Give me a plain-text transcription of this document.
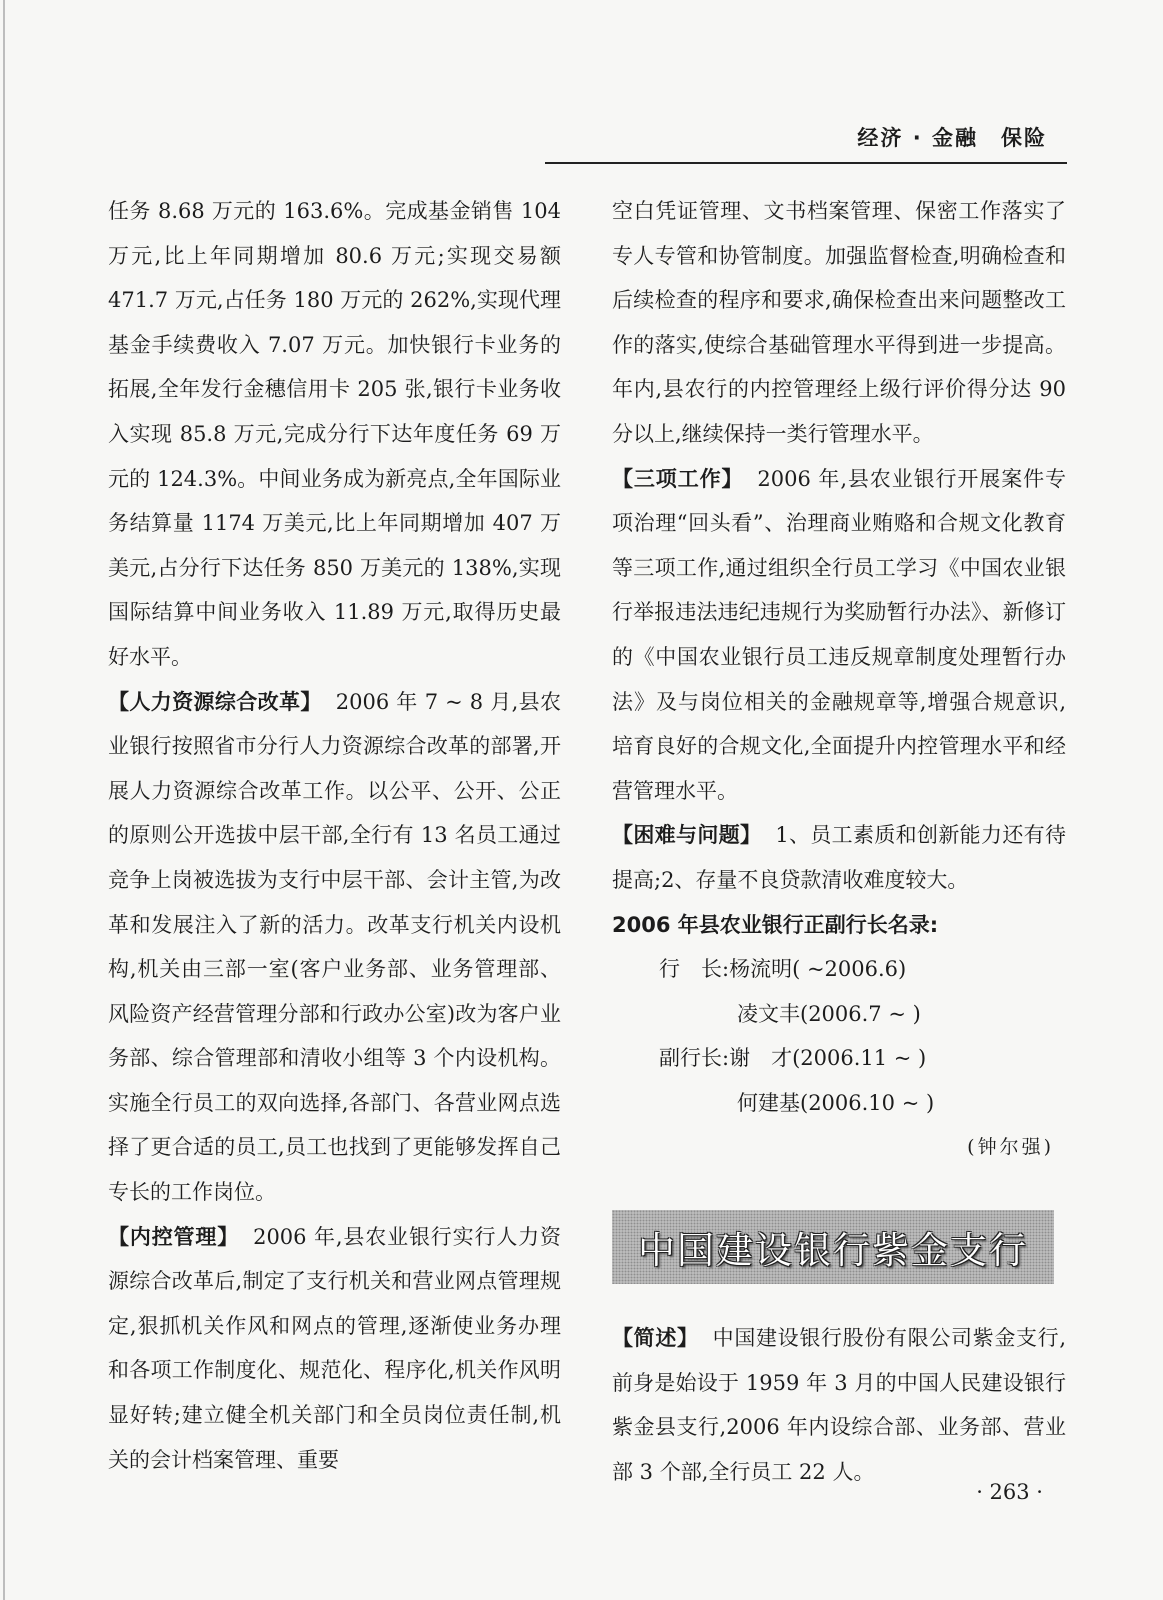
经济 · 金融　保险

任务 8.68 万元的 163.6%。完成基金销售 104 万元,比上年同期增加 80.6 万元;实现交易额 471.7 万元,占任务 180 万元的 262%,实现代理基金手续费收入 7.07 万元。加快银行卡业务的拓展,全年发行金穗信用卡 205 张,银行卡业务收入实现 85.8 万元,完成分行下达年度任务 69 万元的 124.3%。中间业务成为新亮点,全年国际业务结算量 1174 万美元,比上年同期增加 407 万美元,占分行下达任务 850 万美元的 138%,实现国际结算中间业务收入 11.89 万元,取得历史最好水平。

【人力资源综合改革】 2006 年 7 ~ 8 月,县农业银行按照省市分行人力资源综合改革的部署,开展人力资源综合改革工作。以公平、公开、公正的原则公开选拔中层干部,全行有 13 名员工通过竞争上岗被选拔为支行中层干部、会计主管,为改革和发展注入了新的活力。改革支行机关内设机构,机关由三部一室(客户业务部、业务管理部、风险资产经营管理分部和行政办公室)改为客户业务部、综合管理部和清收小组等 3 个内设机构。实施全行员工的双向选择,各部门、各营业网点选择了更合适的员工,员工也找到了更能够发挥自己专长的工作岗位。

【内控管理】 2006 年,县农业银行实行人力资源综合改革后,制定了支行机关和营业网点管理规定,狠抓机关作风和网点的管理,逐渐使业务办理和各项工作制度化、规范化、程序化,机关作风明显好转;建立健全机关部门和全员岗位责任制,机关的会计档案管理、重要

空白凭证管理、文书档案管理、保密工作落实了专人专管和协管制度。加强监督检查,明确检查和后续检查的程序和要求,确保检查出来问题整改工作的落实,使综合基础管理水平得到进一步提高。年内,县农行的内控管理经上级行评价得分达 90 分以上,继续保持一类行管理水平。

【三项工作】 2006 年,县农业银行开展案件专项治理“回头看”、治理商业贿赂和合规文化教育等三项工作,通过组织全行员工学习《中国农业银行举报违法违纪违规行为奖励暂行办法》、新修订的《中国农业银行员工违反规章制度处理暂行办法》及与岗位相关的金融规章等,增强合规意识,培育良好的合规文化,全面提升内控管理水平和经营管理水平。

【困难与问题】 1、员工素质和创新能力还有待提高;2、存量不良贷款清收难度较大。

2006 年县农业银行正副行长名录:

行　长:杨流明( ~2006.6)

凌文丰(2006.7 ~ )

副行长:谢　才(2006.11 ~ )

何建基(2006.10 ~ )

(钟尔强)

中国建设银行紫金支行

【简述】 中国建设银行股份有限公司紫金支行,前身是始设于 1959 年 3 月的中国人民建设银行紫金县支行,2006 年内设综合部、业务部、营业部 3 个部,全行员工 22 人。

· 263 ·
